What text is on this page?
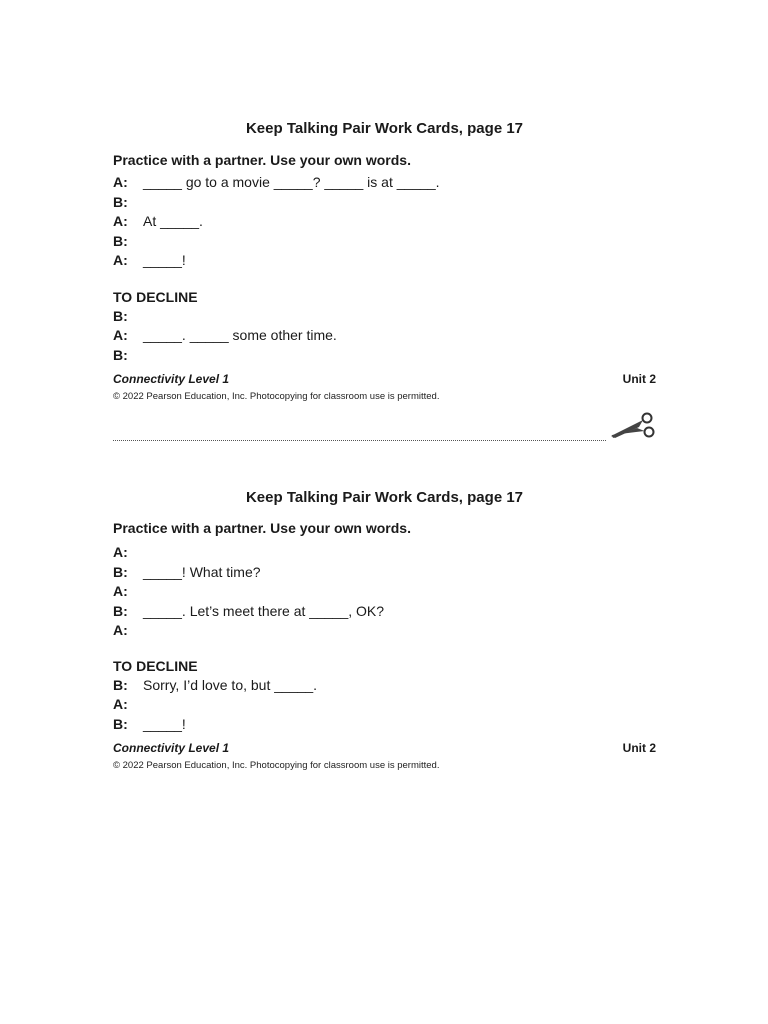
Keep Talking Pair Work Cards, page 17

Practice with a partner. Use your own words.

A:	_____ go to a movie _____? _____ is at _____.
B:
A:	At _____.
B:
A:	_____!

TO DECLINE

B:
A:	_____. _____ some other time.
B:
Connectivity Level 1	Unit 2
© 2022 Pearson Education, Inc. Photocopying for classroom use is permitted.
Keep Talking Pair Work Cards, page 17

Practice with a partner. Use your own words.

A:
B:	_____! What time?
A:
B:	_____. Let’s meet there at _____, OK?
A:

TO DECLINE

B:	Sorry, I’d love to, but _____.
A:
B:	_____!
Connectivity Level 1	Unit 2
© 2022 Pearson Education, Inc. Photocopying for classroom use is permitted.
